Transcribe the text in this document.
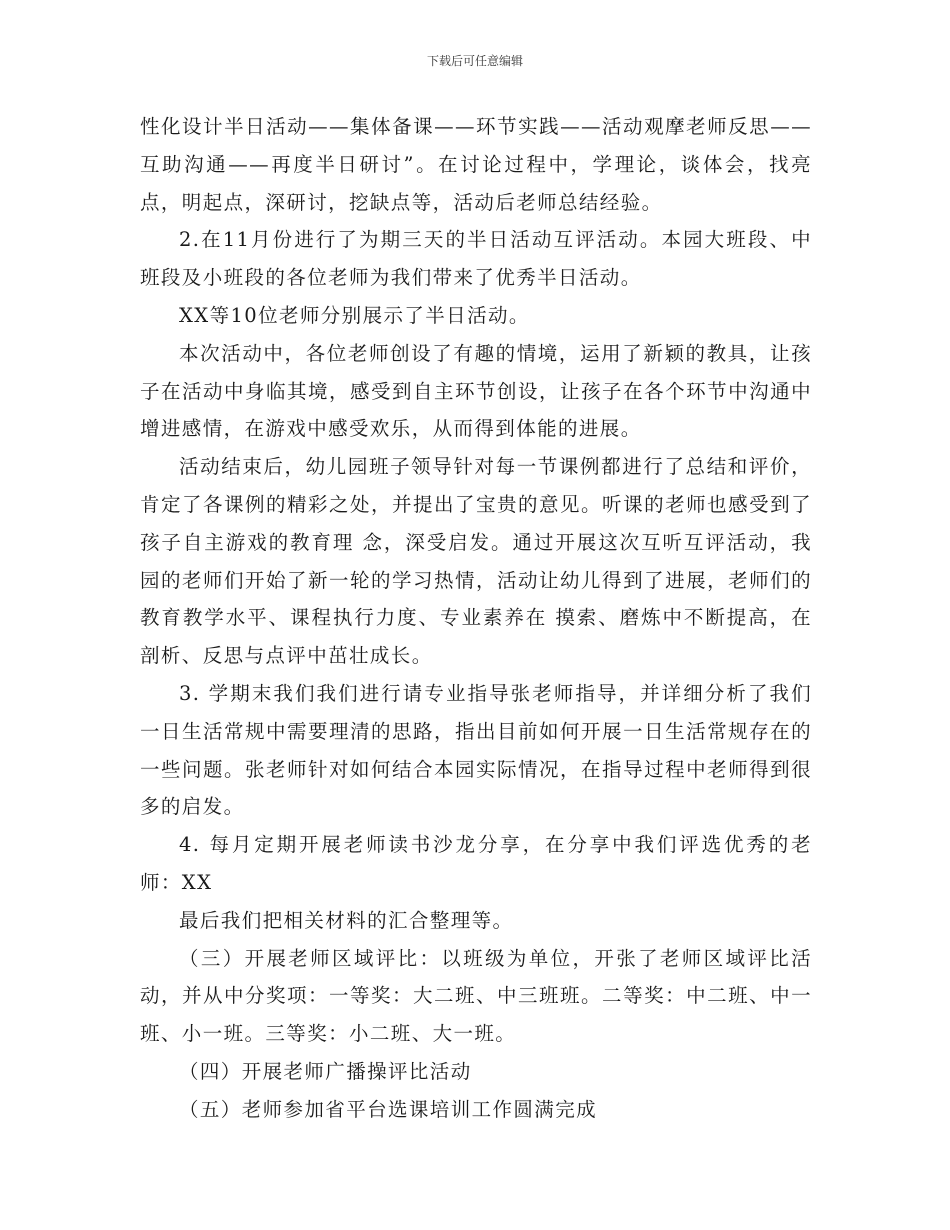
下载后可任意编辑

性化设计半日活动——集体备课——环节实践——活动观摩老师反思——互助沟通——再度半日研讨”。在讨论过程中，学理论，谈体会，找亮点，明起点，深研讨，挖缺点等，活动后老师总结经验。

2.在11月份进行了为期三天的半日活动互评活动。本园大班段、中班段及小班段的各位老师为我们带来了优秀半日活动。

XX等10位老师分别展示了半日活动。

本次活动中，各位老师创设了有趣的情境，运用了新颖的教具，让孩子在活动中身临其境，感受到自主环节创设，让孩子在各个环节中沟通中增进感情，在游戏中感受欢乐，从而得到体能的进展。

活动结束后，幼儿园班子领导针对每一节课例都进行了总结和评价，肯定了各课例的精彩之处，并提出了宝贵的意见。听课的老师也感受到了孩子自主游戏的教育理 念，深受启发。通过开展这次互听互评活动，我园的老师们开始了新一轮的学习热情，活动让幼儿得到了进展，老师们的教育教学水平、课程执行力度、专业素养在 摸索、磨炼中不断提高，在剖析、反思与点评中茁壮成长。

3. 学期末我们我们进行请专业指导张老师指导，并详细分析了我们一日生活常规中需要理清的思路，指出目前如何开展一日生活常规存在的一些问题。张老师针对如何结合本园实际情况，在指导过程中老师得到很多的启发。

4. 每月定期开展老师读书沙龙分享，在分享中我们评选优秀的老师：XX

最后我们把相关材料的汇合整理等。

（三）开展老师区域评比：以班级为单位，开张了老师区域评比活动，并从中分奖项：一等奖：大二班、中三班班。二等奖：中二班、中一班、小一班。三等奖：小二班、大一班。

（四）开展老师广播操评比活动

（五）老师参加省平台选课培训工作圆满完成
